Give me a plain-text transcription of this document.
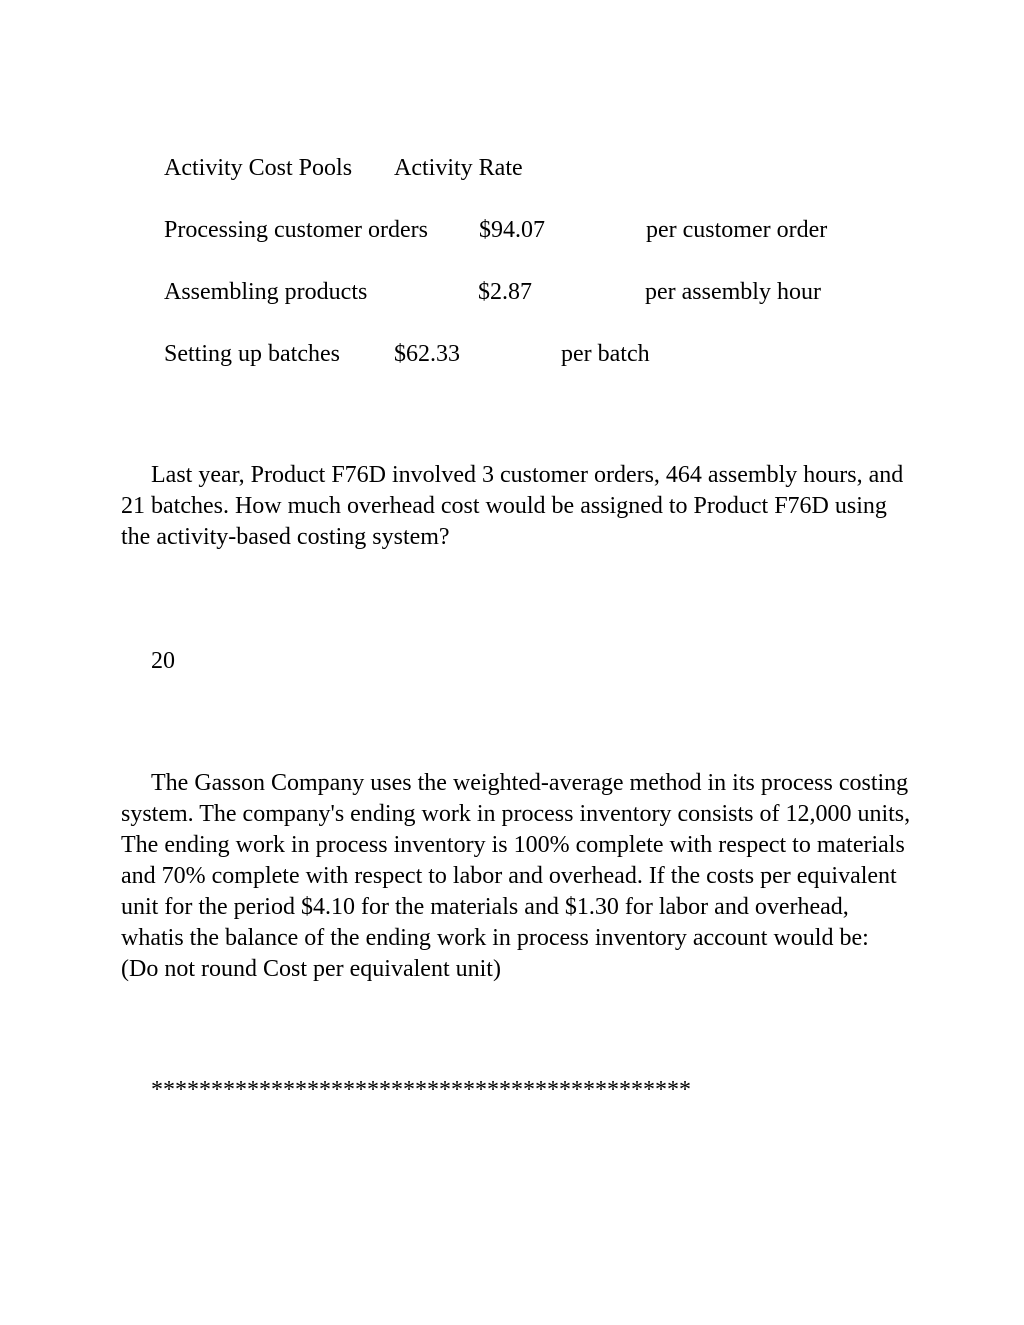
Activity Cost Pools Activity Rate
Processing customer orders $94.07	per customer order
Assembling products	$2.87	per assembly hour
Setting up batches $62.33	per batch
Last year, Product F76D involved 3 customer orders, 464 assembly hours, and 21 batches. How much overhead cost would be assigned to Product F76D using the activity-based costing system?
20
The Gasson Company uses the weighted-average method in its process costing system. The company's ending work in process inventory consists of 12,000 units, The ending work in process inventory is 100% complete with respect to materials and 70% complete with respect to labor and overhead. If the costs per equivalent unit for the period $4.10 for the materials and $1.30 for labor and overhead, whatis the balance of the ending work in process inventory account would be: (Do not round Cost per equivalent unit)
*********************************************
